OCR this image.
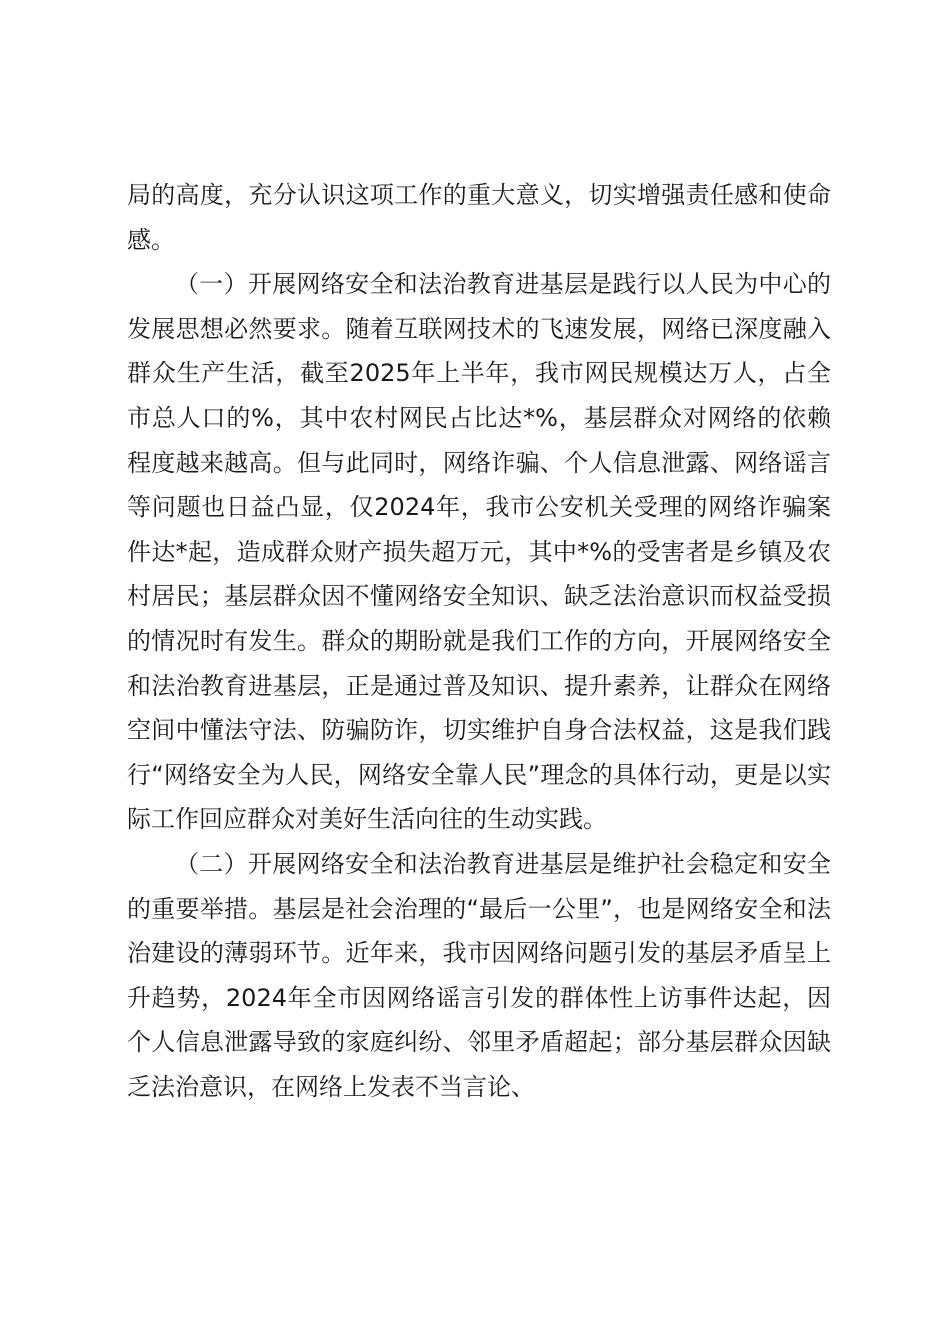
局的高度，充分认识这项工作的重大意义，切实增强责任感和使命感。

（一）开展网络安全和法治教育进基层是践行以人民为中心的发展思想必然要求。随着互联网技术的飞速发展，网络已深度融入群众生产生活，截至2025年上半年，我市网民规模达万人，占全市总人口的%，其中农村网民占比达*%，基层群众对网络的依赖程度越来越高。但与此同时，网络诈骗、个人信息泄露、网络谣言等问题也日益凸显，仅2024年，我市公安机关受理的网络诈骗案件达*起，造成群众财产损失超万元，其中*%的受害者是乡镇及农村居民；基层群众因不懂网络安全知识、缺乏法治意识而权益受损的情况时有发生。群众的期盼就是我们工作的方向，开展网络安全和法治教育进基层，正是通过普及知识、提升素养，让群众在网络空间中懂法守法、防骗防诈，切实维护自身合法权益，这是我们践行“网络安全为人民，网络安全靠人民”理念的具体行动，更是以实际工作回应群众对美好生活向往的生动实践。

（二）开展网络安全和法治教育进基层是维护社会稳定和安全的重要举措。基层是社会治理的“最后一公里”，也是网络安全和法治建设的薄弱环节。近年来，我市因网络问题引发的基层矛盾呈上升趋势，2024年全市因网络谣言引发的群体性上访事件达起，因个人信息泄露导致的家庭纠纷、邻里矛盾超起；部分基层群众因缺乏法治意识，在网络上发表不当言论、
